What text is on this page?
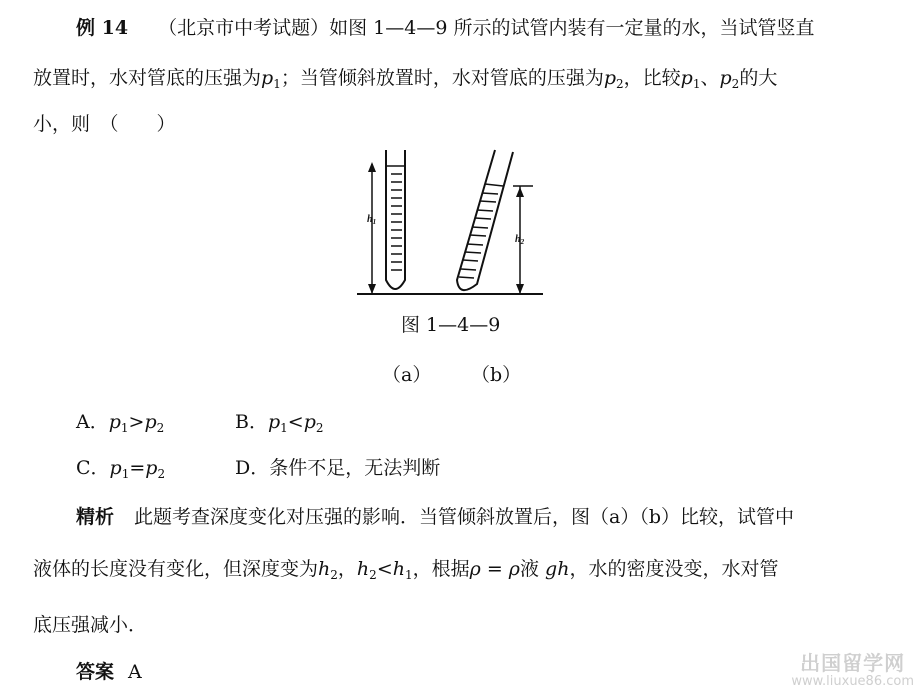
例 14 （北京市中考试题）如图 1—4—9 所示的试管内装有一定量的水，当试管竖直
放置时，水对管底的压强为$p_1$；当管倾斜放置时，水对管底的压强为$p_2$，比较$p_1$、$p_2$的大
小，则　（　　）
$h_1$
$h_2$
图 1—4—9
（a） （b）
A．$p_1>p_2$	B．$p_1<p_2$
C．$p_1=p_2$	D．条件不足，无法判断
精析 此题考查深度变化对压强的影响．当管倾斜放置后，图（a）（b）比较，试管中
液体的长度没有变化，但深度变为$h_2$，$h_2<h_1$，根据ρ = ρ液 gh，水的密度没变，水对管
底压强减小．
答案 A	出国留学网
www.liuxue86.com
